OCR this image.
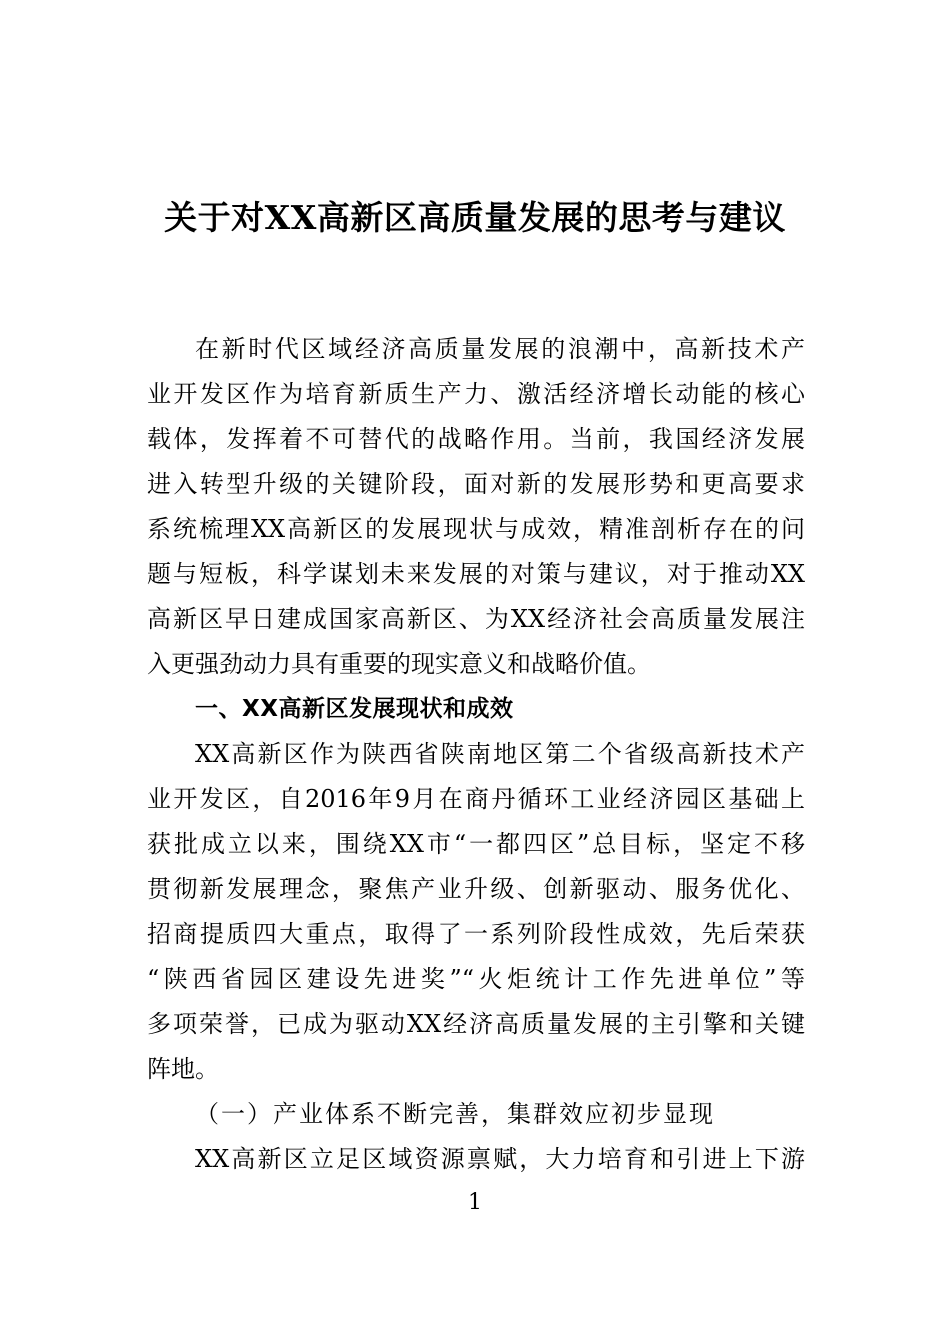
关于对XX高新区高质量发展的思考与建议
在新时代区域经济高质量发展的浪潮中，高新技术产
业开发区作为培育新质生产力、激活经济增长动能的核心
载体，发挥着不可替代的战略作用。当前，我国经济发展
进入转型升级的关键阶段，面对新的发展形势和更高要求
系统梳理XX高新区的发展现状与成效，精准剖析存在的问
题与短板，科学谋划未来发展的对策与建议，对于推动XX
高新区早日建成国家高新区、为XX经济社会高质量发展注
入更强劲动力具有重要的现实意义和战略价值。
一、XX高新区发展现状和成效
XX高新区作为陕西省陕南地区第二个省级高新技术产
业开发区，自2016年9月在商丹循环工业经济园区基础上
获批成立以来，围绕XX市“一都四区”总目标，坚定不移
贯彻新发展理念，聚焦产业升级、创新驱动、服务优化、
招商提质四大重点，取得了一系列阶段性成效，先后荣获
“陕西省园区建设先进奖”“火炬统计工作先进单位”等
多项荣誉，已成为驱动XX经济高质量发展的主引擎和关键
阵地。
（一）产业体系不断完善，集群效应初步显现
XX高新区立足区域资源禀赋，大力培育和引进上下游
1
